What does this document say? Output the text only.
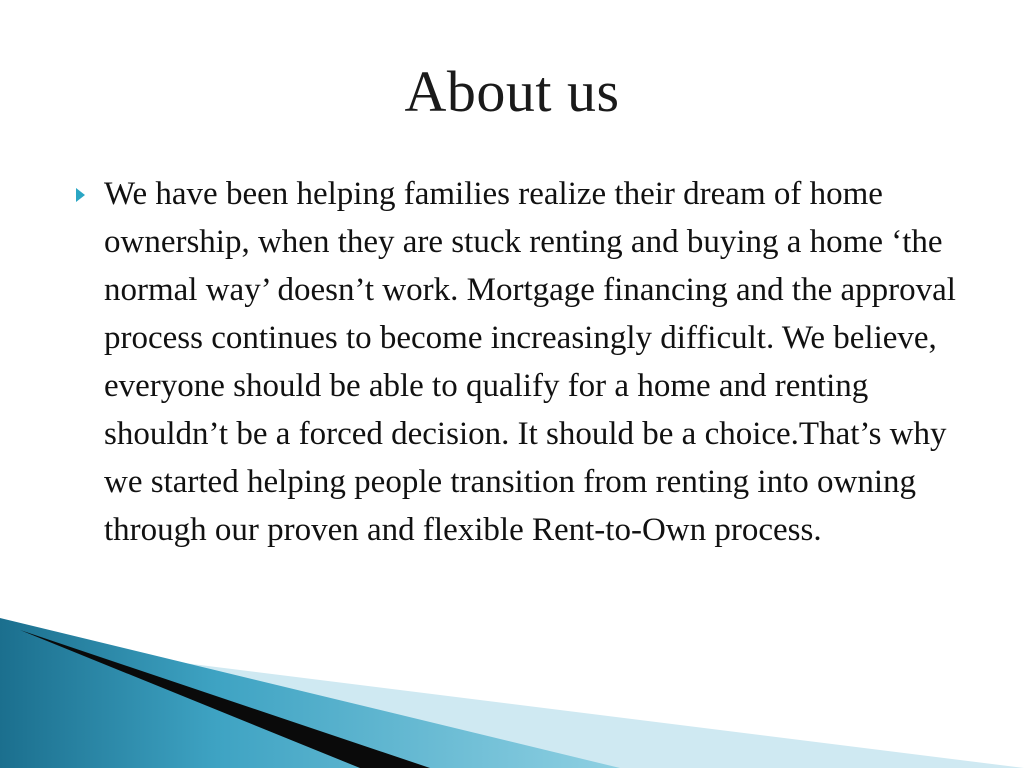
About us
We have been helping families realize their dream of home ownership, when they are stuck renting and buying a home ‘the normal way’ doesn’t work. Mortgage financing and the approval process continues to become increasingly difficult. We believe, everyone should be able to qualify for a home and renting shouldn’t be a forced decision. It should be a choice.That’s why we started helping people transition from renting into owning through our proven and flexible Rent-to-Own process.
